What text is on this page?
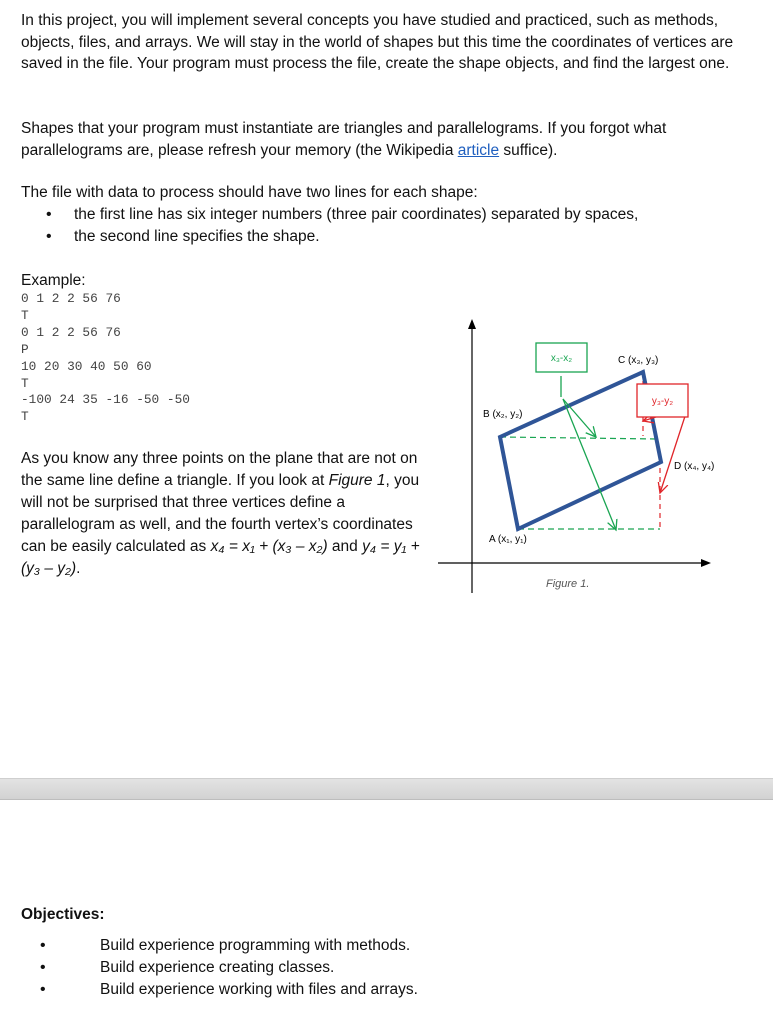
In this project, you will implement several concepts you have studied and practiced, such as methods, objects, files, and arrays. We will stay in the world of shapes but this time the coordinates of vertices are saved in the file. Your program must process the file, create the shape objects, and find the largest one.

Shapes that your program must instantiate are triangles and parallelograms. If you forgot what parallelograms are, please refresh your memory (the Wikipedia article suffice).

The file with data to process should have two lines for each shape:

• the first line has six integer numbers (three pair coordinates) separated by spaces,
• the second line specifies the shape.

Example:

0 1 2 2 56 76
T
0 1 2 2 56 76
P
10 20 30 40 50 60
T
-100 24 35 -16 -50 -50
T

As you know any three points on the plane that are not on the same line define a triangle. If you look at Figure 1, you will not be surprised that three vertices define a parallelogram as well, and the fourth vertex’s coordinates can be easily calculated as x₄ = x₁ + (x₃ – x₂) and y₄ = y₁ + (y₃ – y₂).

x₃-x₂
y₃-y₂
C (x₃, y₃)
B (x₂, y₂)
D (x₄, y₄)
A (x₁, y₁)
Figure 1.

Objectives:

• Build experience programming with methods.
• Build experience creating classes.
• Build experience working with files and arrays.
